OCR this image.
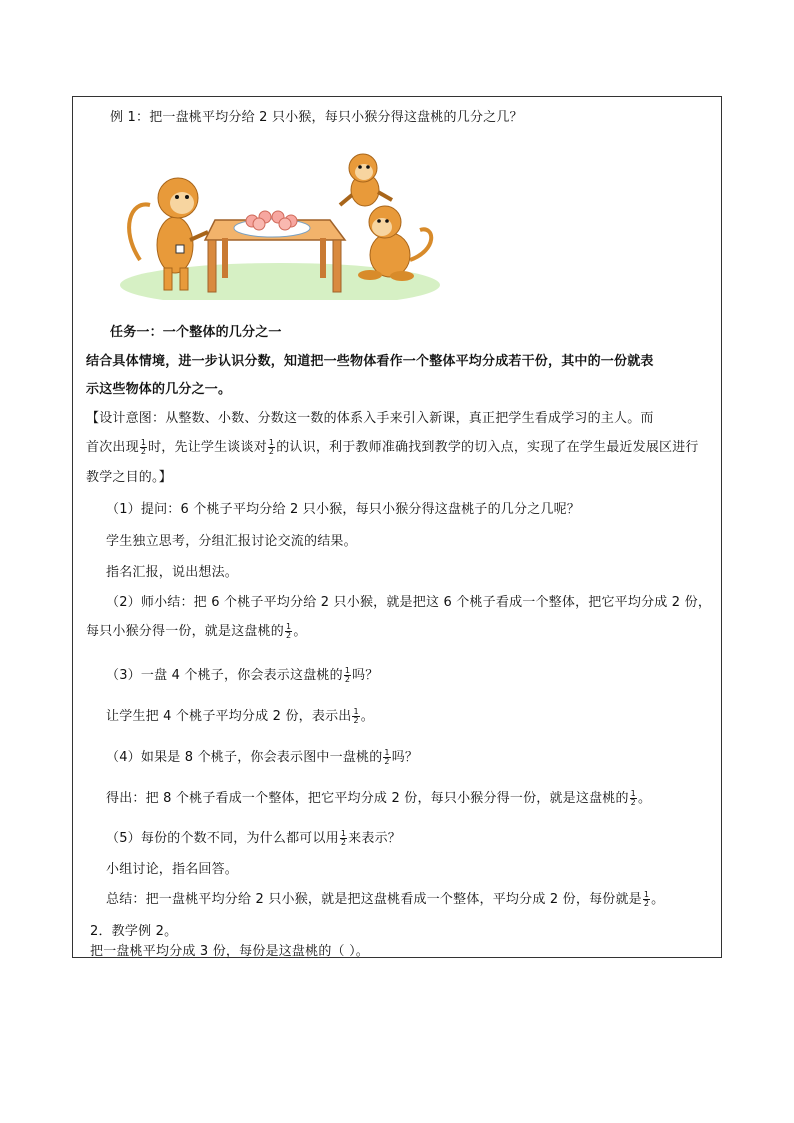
例 1：把一盘桃平均分给 2 只小猴，每只小猴分得这盘桃的几分之几？
任务一：一个整体的几分之一
结合具体情境，进一步认识分数，知道把一些物体看作一个整体平均分成若干份，其中的一份就表
示这些物体的几分之一。
【设计意图：从整数、小数、分数这一数的体系入手来引入新课，真正把学生看成学习的主人。而
首次出现 $\frac{1}{2}$ 时，先让学生谈谈对 $\frac{1}{2}$ 的认识，利于教师准确找到教学的切入点，实现了在学生最近发展区进行
教学之目的。】
（1）提问：6 个桃子平均分给 2 只小猴，每只小猴分得这盘桃子的几分之几呢？
学生独立思考，分组汇报讨论交流的结果。
指名汇报，说出想法。
（2）师小结：把 6 个桃子平均分给 2 只小猴，就是把这 6 个桃子看成一个整体，把它平均分成 2 份，
每只小猴分得一份，就是这盘桃的 $\frac{1}{2}$ 。
（3）一盘 4 个桃子，你会表示这盘桃的 $\frac{1}{2}$ 吗？
让学生把 4 个桃子平均分成 2 份，表示出 $\frac{1}{2}$ 。
（4）如果是 8 个桃子，你会表示图中一盘桃的 $\frac{1}{2}$ 吗？
得出：把 8 个桃子看成一个整体，把它平均分成 2 份，每只小猴分得一份，就是这盘桃的 $\frac{1}{2}$ 。
（5）每份的个数不同，为什么都可以用 $\frac{1}{2}$ 来表示？
小组讨论，指名回答。
总结：把一盘桃平均分给 2 只小猴，就是把这盘桃看成一个整体，平均分成 2 份，每份就是 $\frac{1}{2}$ 。
2．教学例 2。
把一盘桃平均分成 3 份，每份是这盘桃的（ ）。
